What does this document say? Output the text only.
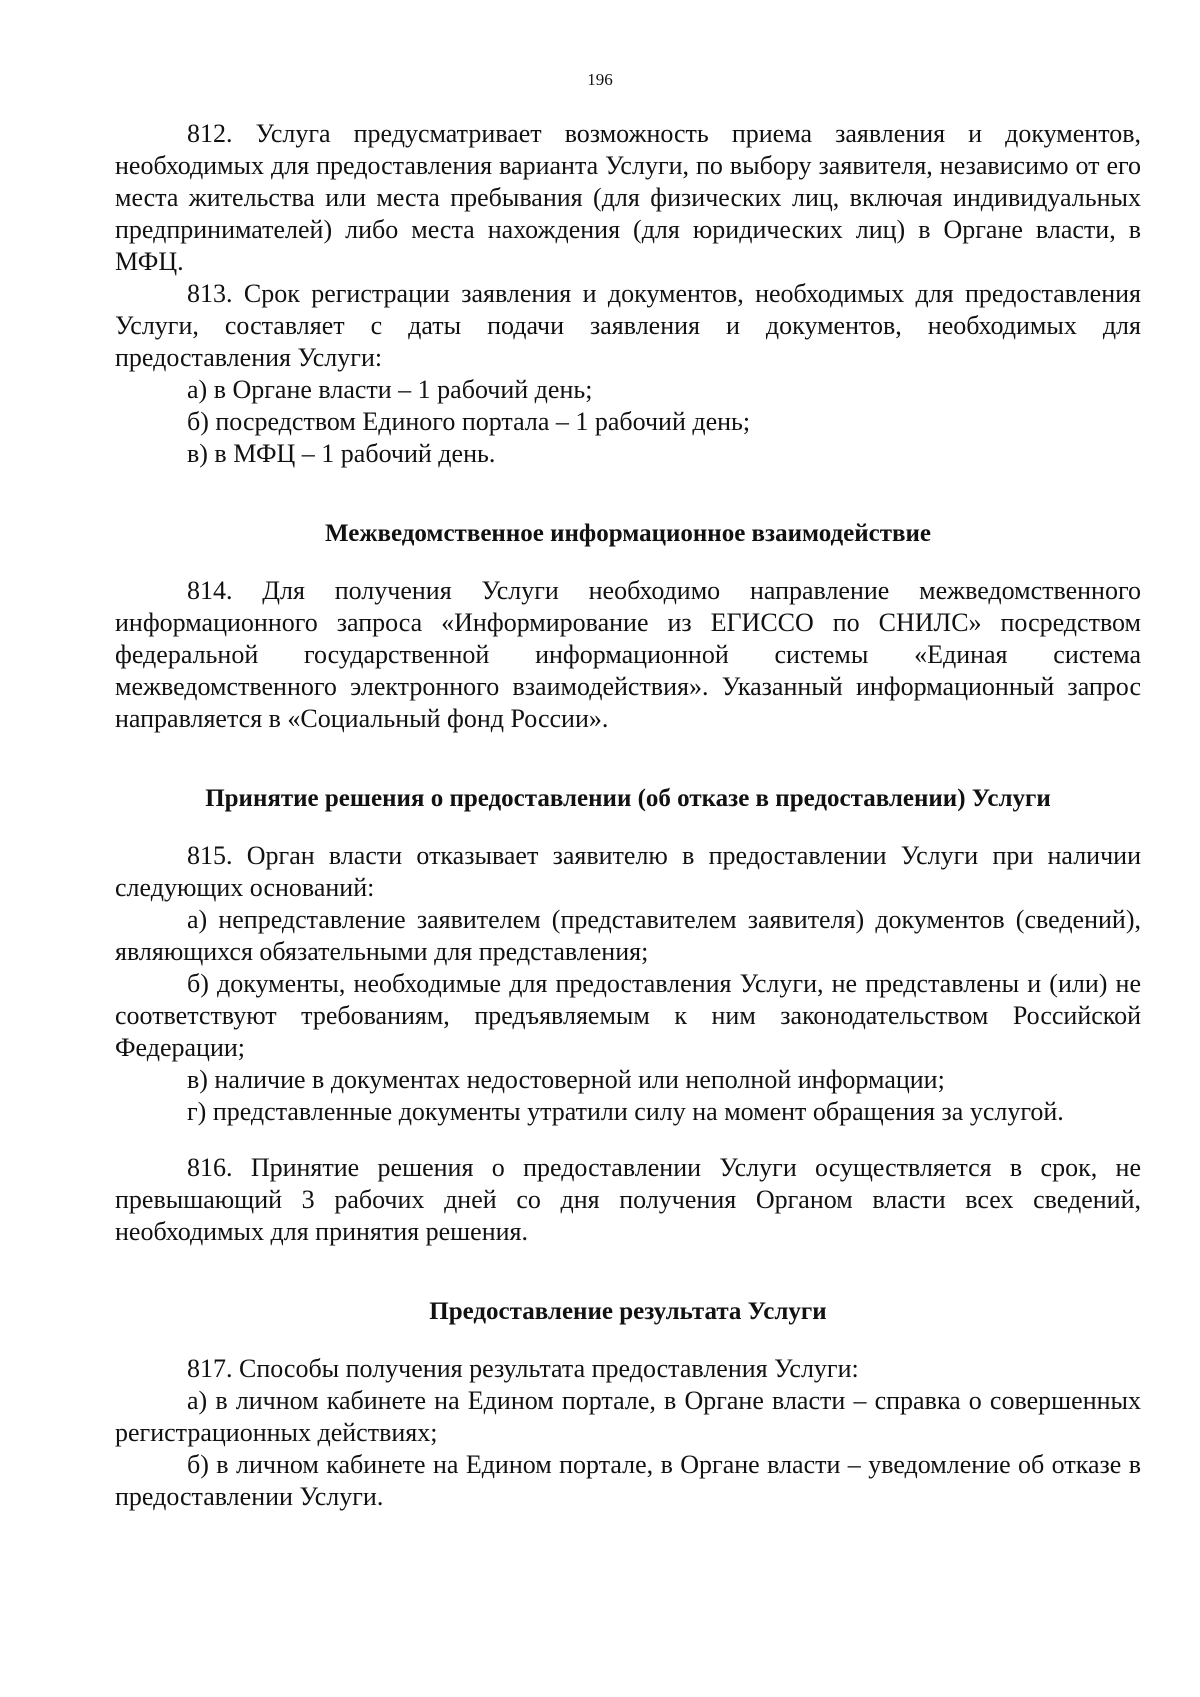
196

812. Услуга предусматривает возможность приема заявления и документов, необходимых для предоставления варианта Услуги, по выбору заявителя, независимо от его места жительства или места пребывания (для физических лиц, включая индивидуальных предпринимателей) либо места нахождения (для юридических лиц) в Органе власти, в МФЦ.

813. Срок регистрации заявления и документов, необходимых для предоставления Услуги, составляет с даты подачи заявления и документов, необходимых для предоставления Услуги:

а) в Органе власти – 1 рабочий день;

б) посредством Единого портала – 1 рабочий день;

в) в МФЦ – 1 рабочий день.

Межведомственное информационное взаимодействие

814. Для получения Услуги необходимо направление межведомственного информационного запроса «Информирование из ЕГИССО по СНИЛС» посредством федеральной государственной информационной системы «Единая система межведомственного электронного взаимодействия». Указанный информационный запрос направляется в «Социальный фонд России».

Принятие решения о предоставлении (об отказе в предоставлении) Услуги

815. Орган власти отказывает заявителю в предоставлении Услуги при наличии следующих оснований:

а) непредставление заявителем (представителем заявителя) документов (сведений), являющихся обязательными для представления;

б) документы, необходимые для предоставления Услуги, не представлены и (или) не соответствуют требованиям, предъявляемым к ним законодательством Российской Федерации;

в) наличие в документах недостоверной или неполной информации;

г) представленные документы утратили силу на момент обращения за услугой.

816. Принятие решения о предоставлении Услуги осуществляется в срок, не превышающий 3 рабочих дней со дня получения Органом власти всех сведений, необходимых для принятия решения.

Предоставление результата Услуги

817. Способы получения результата предоставления Услуги:

а) в личном кабинете на Едином портале, в Органе власти – справка о совершенных регистрационных действиях;

б) в личном кабинете на Едином портале, в Органе власти – уведомление об отказе в предоставлении Услуги.
